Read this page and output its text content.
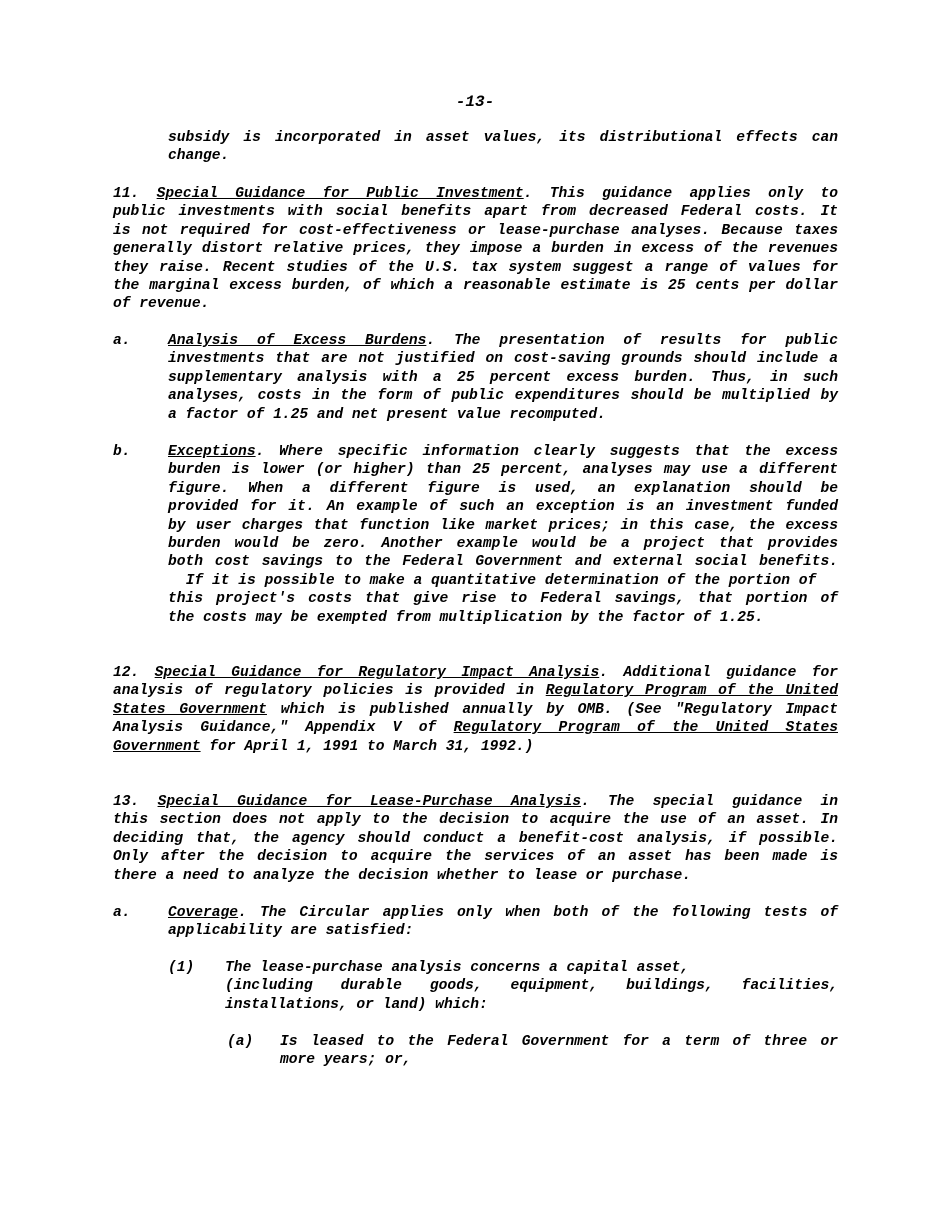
-13-
subsidy is incorporated in asset values, its distributional effects can
change.
11. Special Guidance for Public Investment. This guidance applies only to
public investments with social benefits apart from decreased Federal costs. It
is not required for cost-effectiveness or lease-purchase analyses. Because taxes
generally distort relative prices, they impose a burden in excess of the revenues
they raise. Recent studies of the U.S. tax system suggest a range of values for
the marginal excess burden, of which a reasonable estimate is 25 cents per dollar
of revenue.
a.	Analysis of Excess Burdens. The presentation of results for public
investments that are not justified on cost-saving grounds should include a
supplementary analysis with a 25 percent excess burden. Thus, in such
analyses, costs in the form of public expenditures should be multiplied by
a factor of 1.25 and net present value recomputed.
b.	Exceptions. Where specific information clearly suggests that the excess
burden is lower (or higher) than 25 percent, analyses may use a different
figure. When a different figure is used, an explanation should be
provided for it. An example of such an exception is an investment funded
by user charges that function like market prices; in this case, the excess
burden would be zero. Another example would be a project that provides
both cost savings to the Federal Government and external social benefits.
If it is possible to make a quantitative determination of the portion of
this project's costs that give rise to Federal savings, that portion of
the costs may be exempted from multiplication by the factor of 1.25.
12. Special Guidance for Regulatory Impact Analysis. Additional guidance for
analysis of regulatory policies is provided in Regulatory Program of the United
States Government which is published annually by OMB. (See "Regulatory Impact
Analysis Guidance," Appendix V of Regulatory Program of the United States
Government for April 1, 1991 to March 31, 1992.)
13. Special Guidance for Lease-Purchase Analysis. The special guidance in
this section does not apply to the decision to acquire the use of an asset. In
deciding that, the agency should conduct a benefit-cost analysis, if possible.
Only after the decision to acquire the services of an asset has been made is
there a need to analyze the decision whether to lease or purchase.
a.	Coverage. The Circular applies only when both of the following tests of
applicability are satisfied:
(1) The lease-purchase analysis concerns a capital asset,
(including durable goods, equipment, buildings, facilities,
installations, or land) which:
(a) Is leased to the Federal Government for a term of three or
more years; or,
